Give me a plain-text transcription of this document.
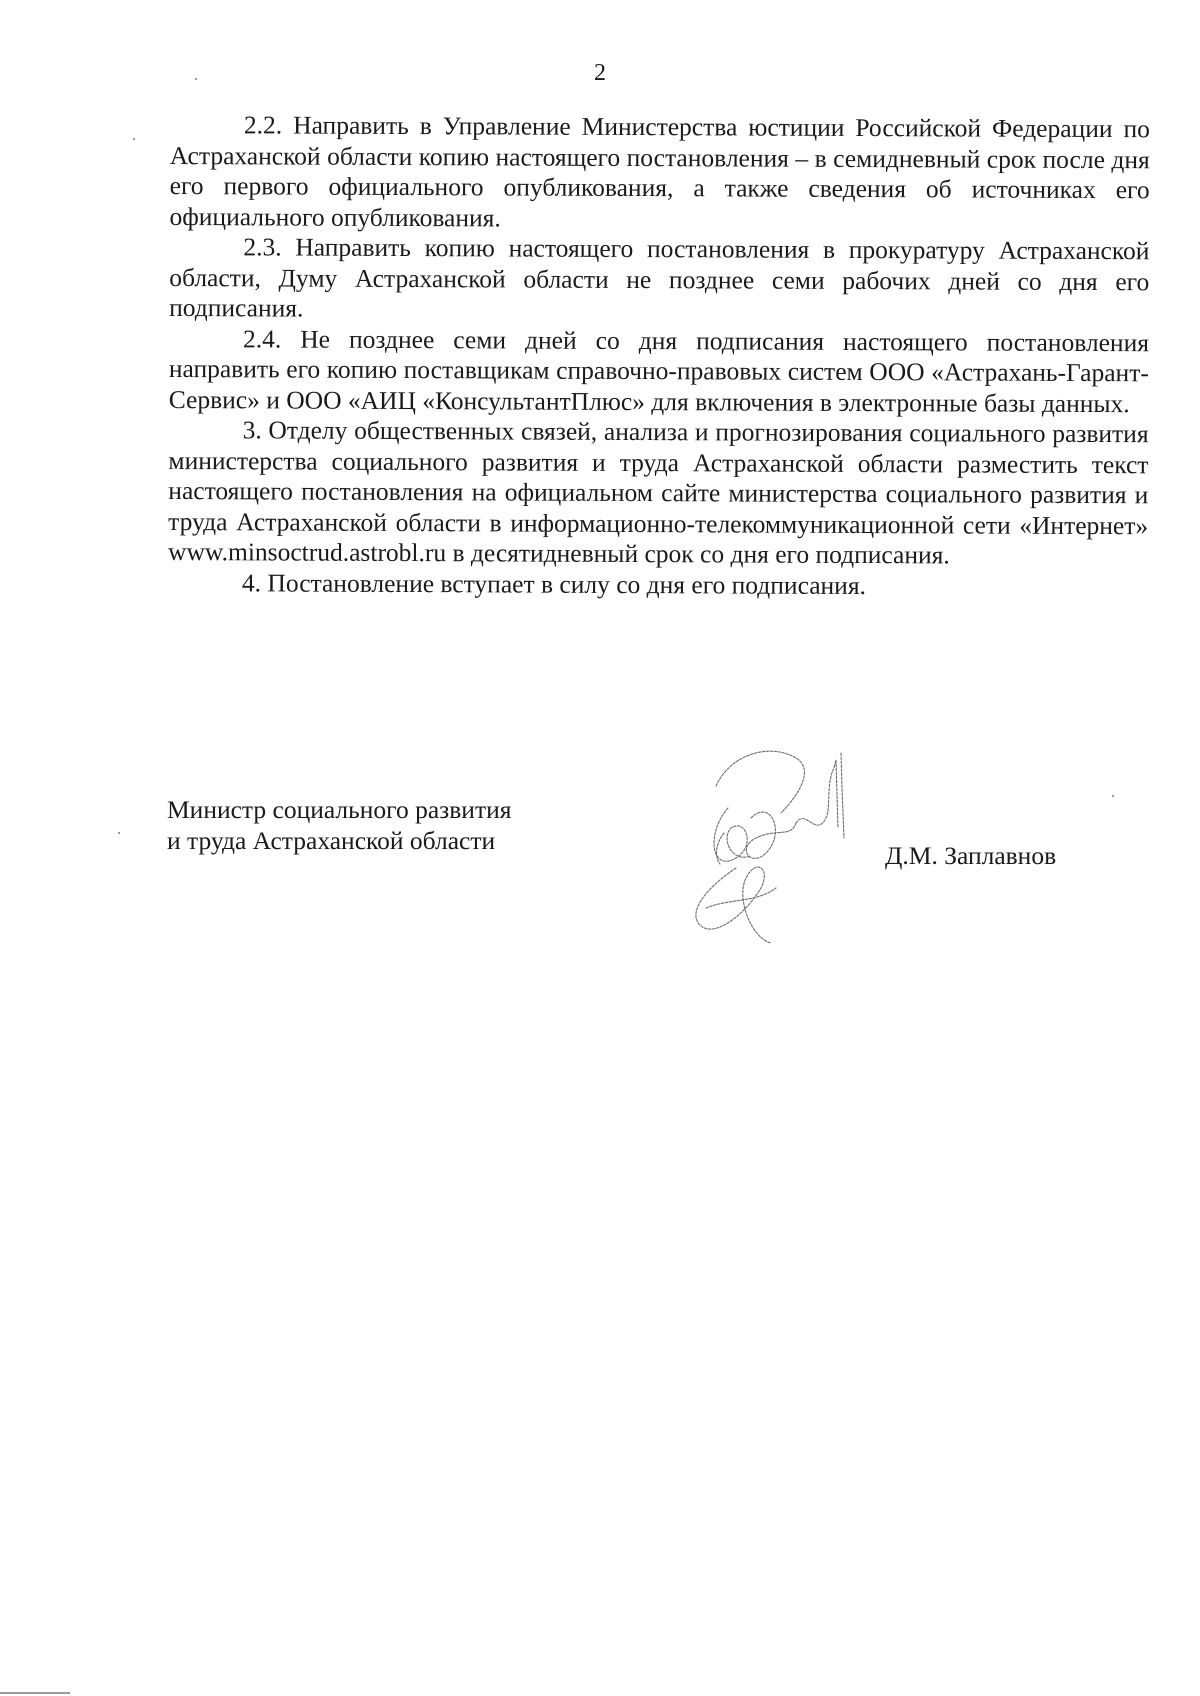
2

2.2. Направить в Управление Министерства юстиции Российской Федерации по Астраханской области копию настоящего постановления – в семидневный срок после дня его первого официального опубликования, а также сведения об источниках его официального опубликования.

2.3. Направить копию настоящего постановления в прокуратуру Астраханской области, Думу Астраханской области не позднее семи рабочих дней со дня его подписания.

2.4. Не позднее семи дней со дня подписания настоящего постановления направить его копию поставщикам справочно-правовых систем ООО «Астрахань-Гарант-Сервис» и ООО «АИЦ «КонсультантПлюс» для включения в электронные базы данных.

3. Отделу общественных связей, анализа и прогнозирования социального развития министерства социального развития и труда Астраханской области разместить текст настоящего постановления на официальном сайте министерства социального развития и труда Астраханской области в информационно-телекоммуникационной сети «Интернет» www.minsoctrud.astrobl.ru в десятидневный срок со дня его подписания.

4. Постановление вступает в силу со дня его подписания.

Министр социального развития
и труда Астраханской области
Д.М. Заплавнов
